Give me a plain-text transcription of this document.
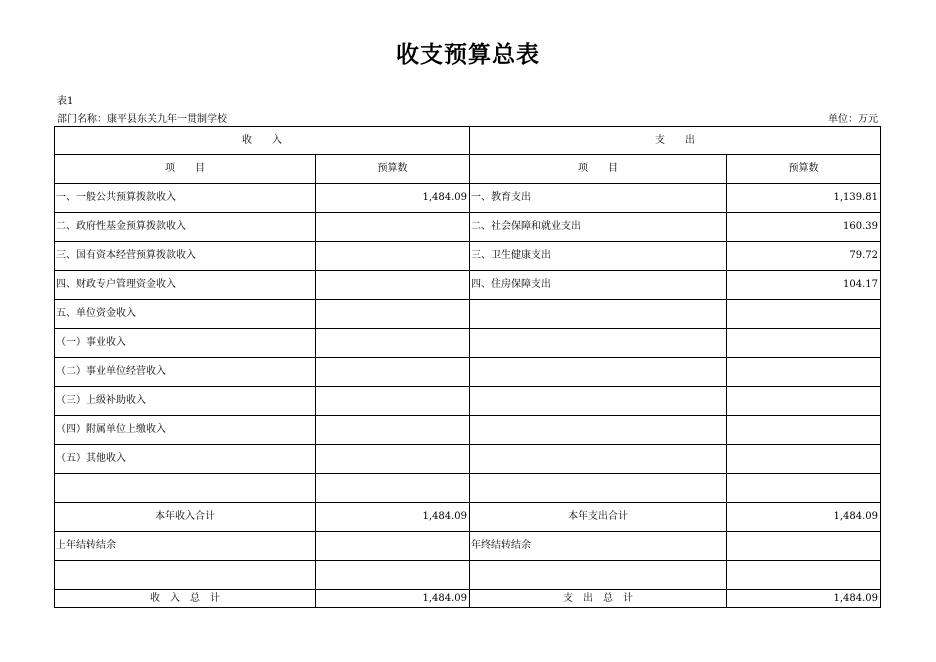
收支预算总表
表1
部门名称：康平县东关九年一贯制学校	单位：万元
收　　入		支　　出	
项　　目	预算数	项　　目	预算数
一、一般公共预算拨款收入	1,484.09	一、教育支出	1,139.81
二、政府性基金预算拨款收入		二、社会保障和就业支出	160.39
三、国有资本经营预算拨款收入		三、卫生健康支出	79.72
四、财政专户管理资金收入		四、住房保障支出	104.17
五、单位资金收入			
（一）事业收入			
（二）事业单位经营收入			
（三）上级补助收入			
（四）附属单位上缴收入			
（五）其他收入			

本年收入合计	1,484.09	本年支出合计	1,484.09
上年结转结余		年终结转结余	

收　入　总　计	1,484.09	支　出　总　计	1,484.09
